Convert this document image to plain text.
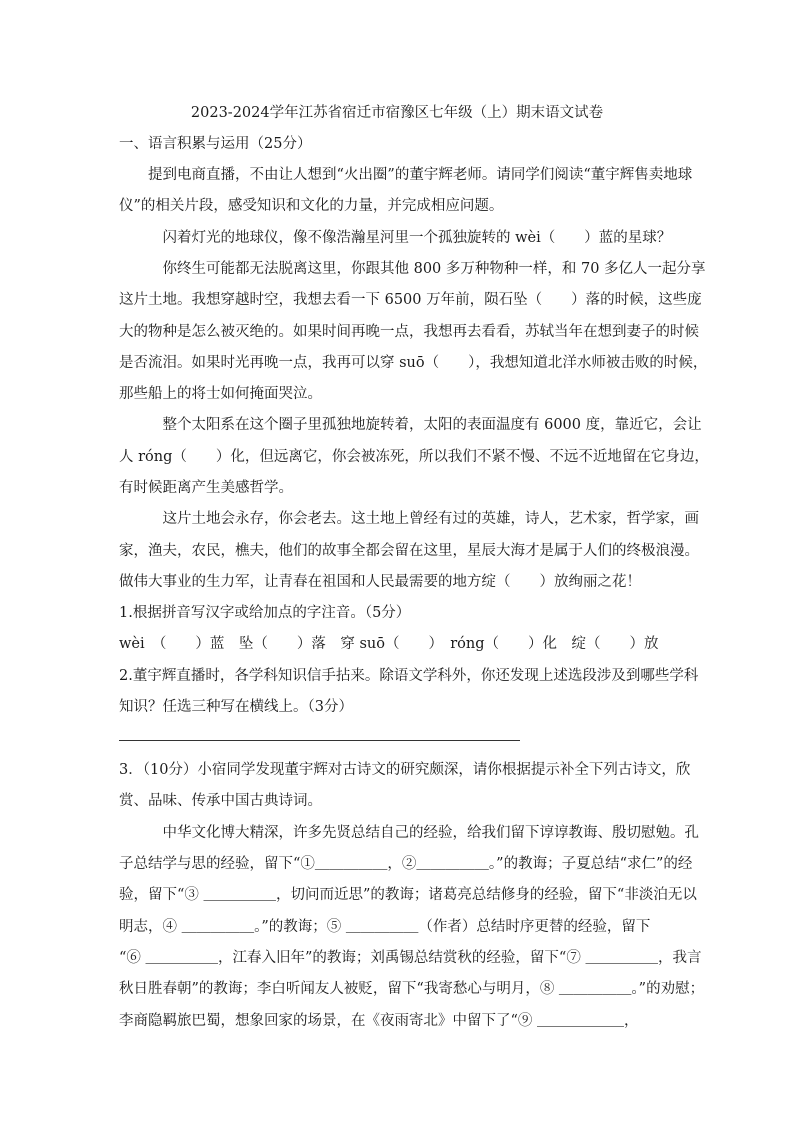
2023-2024学年江苏省宿迁市宿豫区七年级（上）期末语文试卷
一、语言积累与运用（25分）
　　提到电商直播，不由让人想到“火出圈”的董宇辉老师。请同学们阅读“董宇辉售卖地球
仪”的相关片段，感受知识和文化的力量，并完成相应问题。
　　　闪着灯光的地球仪，像不像浩瀚星河里一个孤独旋转的 wèi（　　）蓝的星球？
　　　你终生可能都无法脱离这里，你跟其他 800 多万种物种一样，和 70 多亿人一起分享
这片土地。我想穿越时空，我想去看一下 6500 万年前，陨石坠（　　）落的时候，这些庞
大的物种是怎么被灭绝的。如果时间再晚一点，我想再去看看，苏轼当年在想到妻子的时候
是否流泪。如果时光再晚一点，我再可以穿 suō（　　），我想知道北洋水师被击败的时候，
那些船上的将士如何掩面哭泣。
　　　整个太阳系在这个圈子里孤独地旋转着，太阳的表面温度有 6000 度，靠近它，会让
人 róng（　　）化，但远离它，你会被冻死，所以我们不紧不慢、不远不近地留在它身边，
有时候距离产生美感哲学。
　　　这片土地会永存，你会老去。这土地上曾经有过的英雄，诗人，艺术家，哲学家，画
家，渔夫，农民，樵夫，他们的故事全都会留在这里，星辰大海才是属于人们的终极浪漫。
做伟大事业的生力军，让青春在祖国和人民最需要的地方绽（　　）放绚丽之花！
1.根据拼音写汉字或给加点的字注音。（5分）
wèi　（　　）蓝　坠（　　）落　穿 suō（　　）　róng（　　）化　绽（　　）放
2.董宇辉直播时，各学科知识信手拈来。除语文学科外，你还发现上述选段涉及到哪些学科
知识？任选三种写在横线上。（3分）
3．（10分）小宿同学发现董宇辉对古诗文的研究颇深，请你根据提示补全下列古诗文，欣
赏、品味、传承中国古典诗词。
　　　中华文化博大精深，许多先贤总结自己的经验，给我们留下谆谆教诲、殷切慰勉。孔
子总结学与思的经验，留下“①＿＿＿＿＿，②＿＿＿＿＿。”的教诲；子夏总结“求仁”的经
验，留下“③ ＿＿＿＿＿，切问而近思”的教诲；诸葛亮总结修身的经验，留下“非淡泊无以
明志，④ ＿＿＿＿＿。”的教诲；⑤ ＿＿＿＿＿（作者）总结时序更替的经验，留下
“⑥ ＿＿＿＿＿，江春入旧年”的教诲；刘禹锡总结赏秋的经验，留下“⑦ ＿＿＿＿＿，我言
秋日胜春朝”的教诲；李白听闻友人被贬，留下“我寄愁心与明月，⑧ ＿＿＿＿＿。”的劝慰；
李商隐羁旅巴蜀，想象回家的场景，在《夜雨寄北》中留下了“⑨ ＿＿＿＿＿＿，
